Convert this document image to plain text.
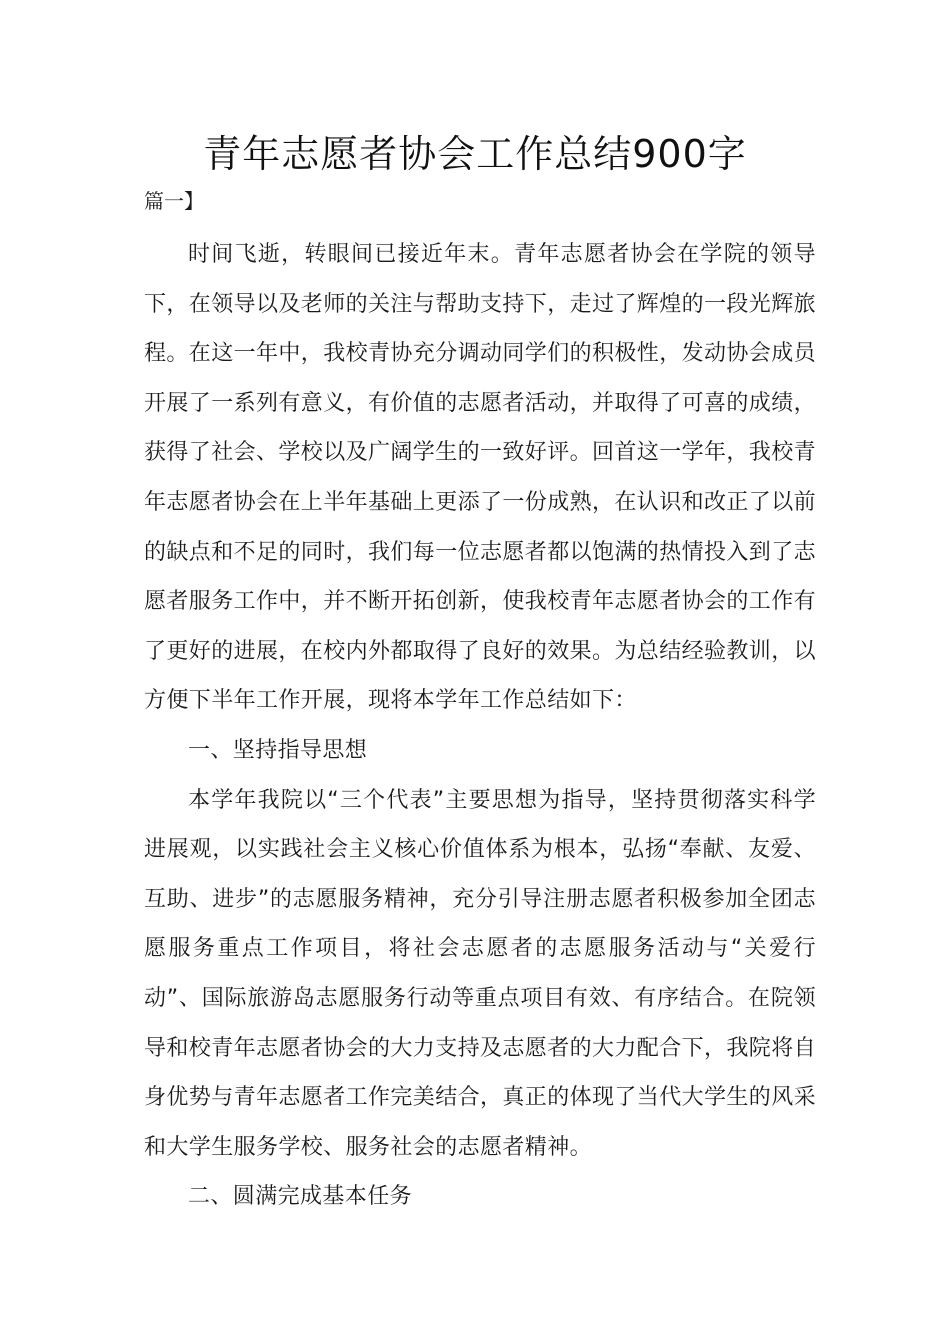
青年志愿者协会工作总结900字
篇一】

时间飞逝，转眼间已接近年末。青年志愿者协会在学院的领导下，在领导以及老师的关注与帮助支持下，走过了辉煌的一段光辉旅程。在这一年中，我校青协充分调动同学们的积极性，发动协会成员开展了一系列有意义，有价值的志愿者活动，并取得了可喜的成绩，获得了社会、学校以及广阔学生的一致好评。回首这一学年，我校青年志愿者协会在上半年基础上更添了一份成熟，在认识和改正了以前的缺点和不足的同时，我们每一位志愿者都以饱满的热情投入到了志愿者服务工作中，并不断开拓创新，使我校青年志愿者协会的工作有了更好的进展，在校内外都取得了良好的效果。为总结经验教训，以方便下半年工作开展，现将本学年工作总结如下：

一、坚持指导思想

本学年我院以“三个代表”主要思想为指导，坚持贯彻落实科学进展观，以实践社会主义核心价值体系为根本，弘扬“奉献、友爱、互助、进步”的志愿服务精神，充分引导注册志愿者积极参加全团志愿服务重点工作项目，将社会志愿者的志愿服务活动与“关爱行动”、国际旅游岛志愿服务行动等重点项目有效、有序结合。在院领导和校青年志愿者协会的大力支持及志愿者的大力配合下，我院将自身优势与青年志愿者工作完美结合，真正的体现了当代大学生的风采和大学生服务学校、服务社会的志愿者精神。

二、圆满完成基本任务
